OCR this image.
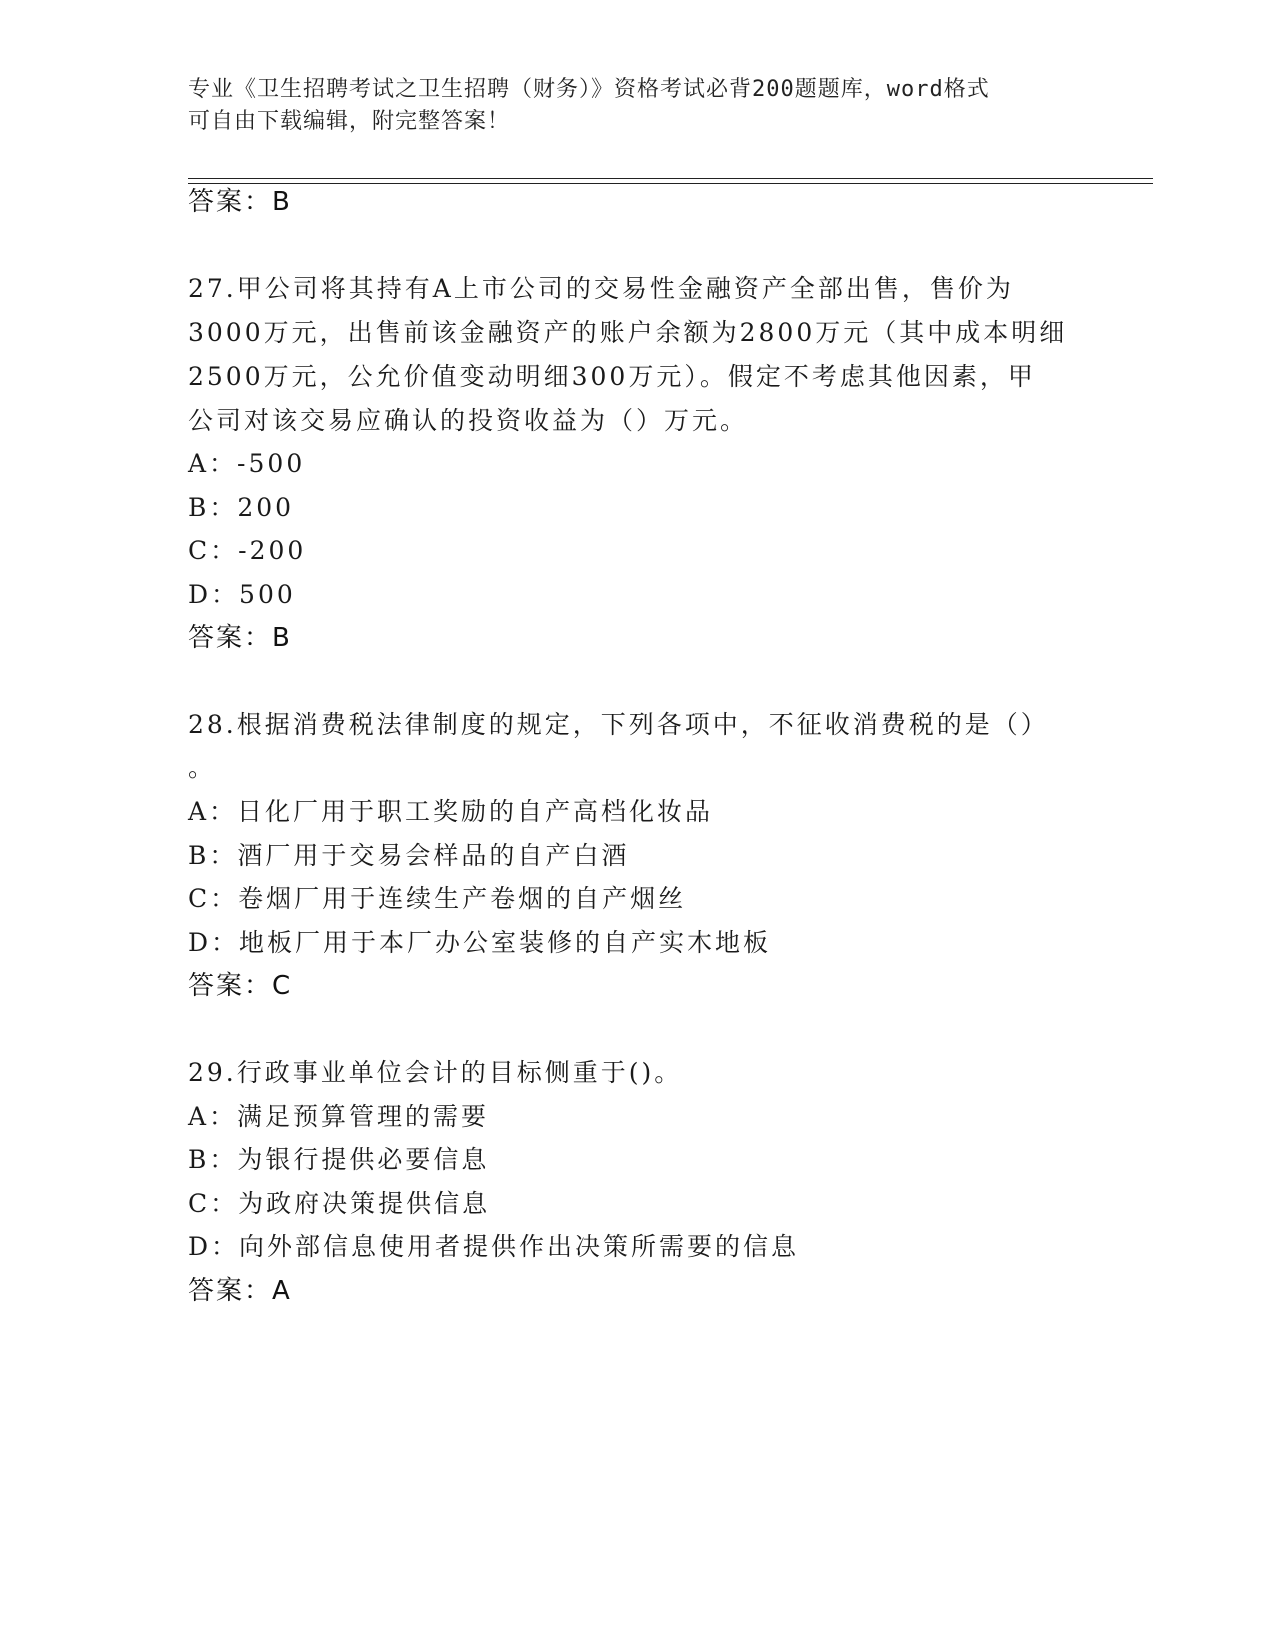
专业《卫生招聘考试之卫生招聘（财务）》资格考试必背200题题库，word格式
可自由下载编辑，附完整答案！
答案：B
27.甲公司将其持有A上市公司的交易性金融资产全部出售，售价为
3000万元，出售前该金融资产的账户余额为2800万元（其中成本明细
2500万元，公允价值变动明细300万元）。假定不考虑其他因素，甲
公司对该交易应确认的投资收益为（）万元。
A：-500
B：200
C：-200
D：500
答案：B
28.根据消费税法律制度的规定，下列各项中，不征收消费税的是（）
。
A：日化厂用于职工奖励的自产高档化妆品
B：酒厂用于交易会样品的自产白酒
C：卷烟厂用于连续生产卷烟的自产烟丝
D：地板厂用于本厂办公室装修的自产实木地板
答案：C
29.行政事业单位会计的目标侧重于()。
A：满足预算管理的需要
B：为银行提供必要信息
C：为政府决策提供信息
D：向外部信息使用者提供作出决策所需要的信息
答案：A
